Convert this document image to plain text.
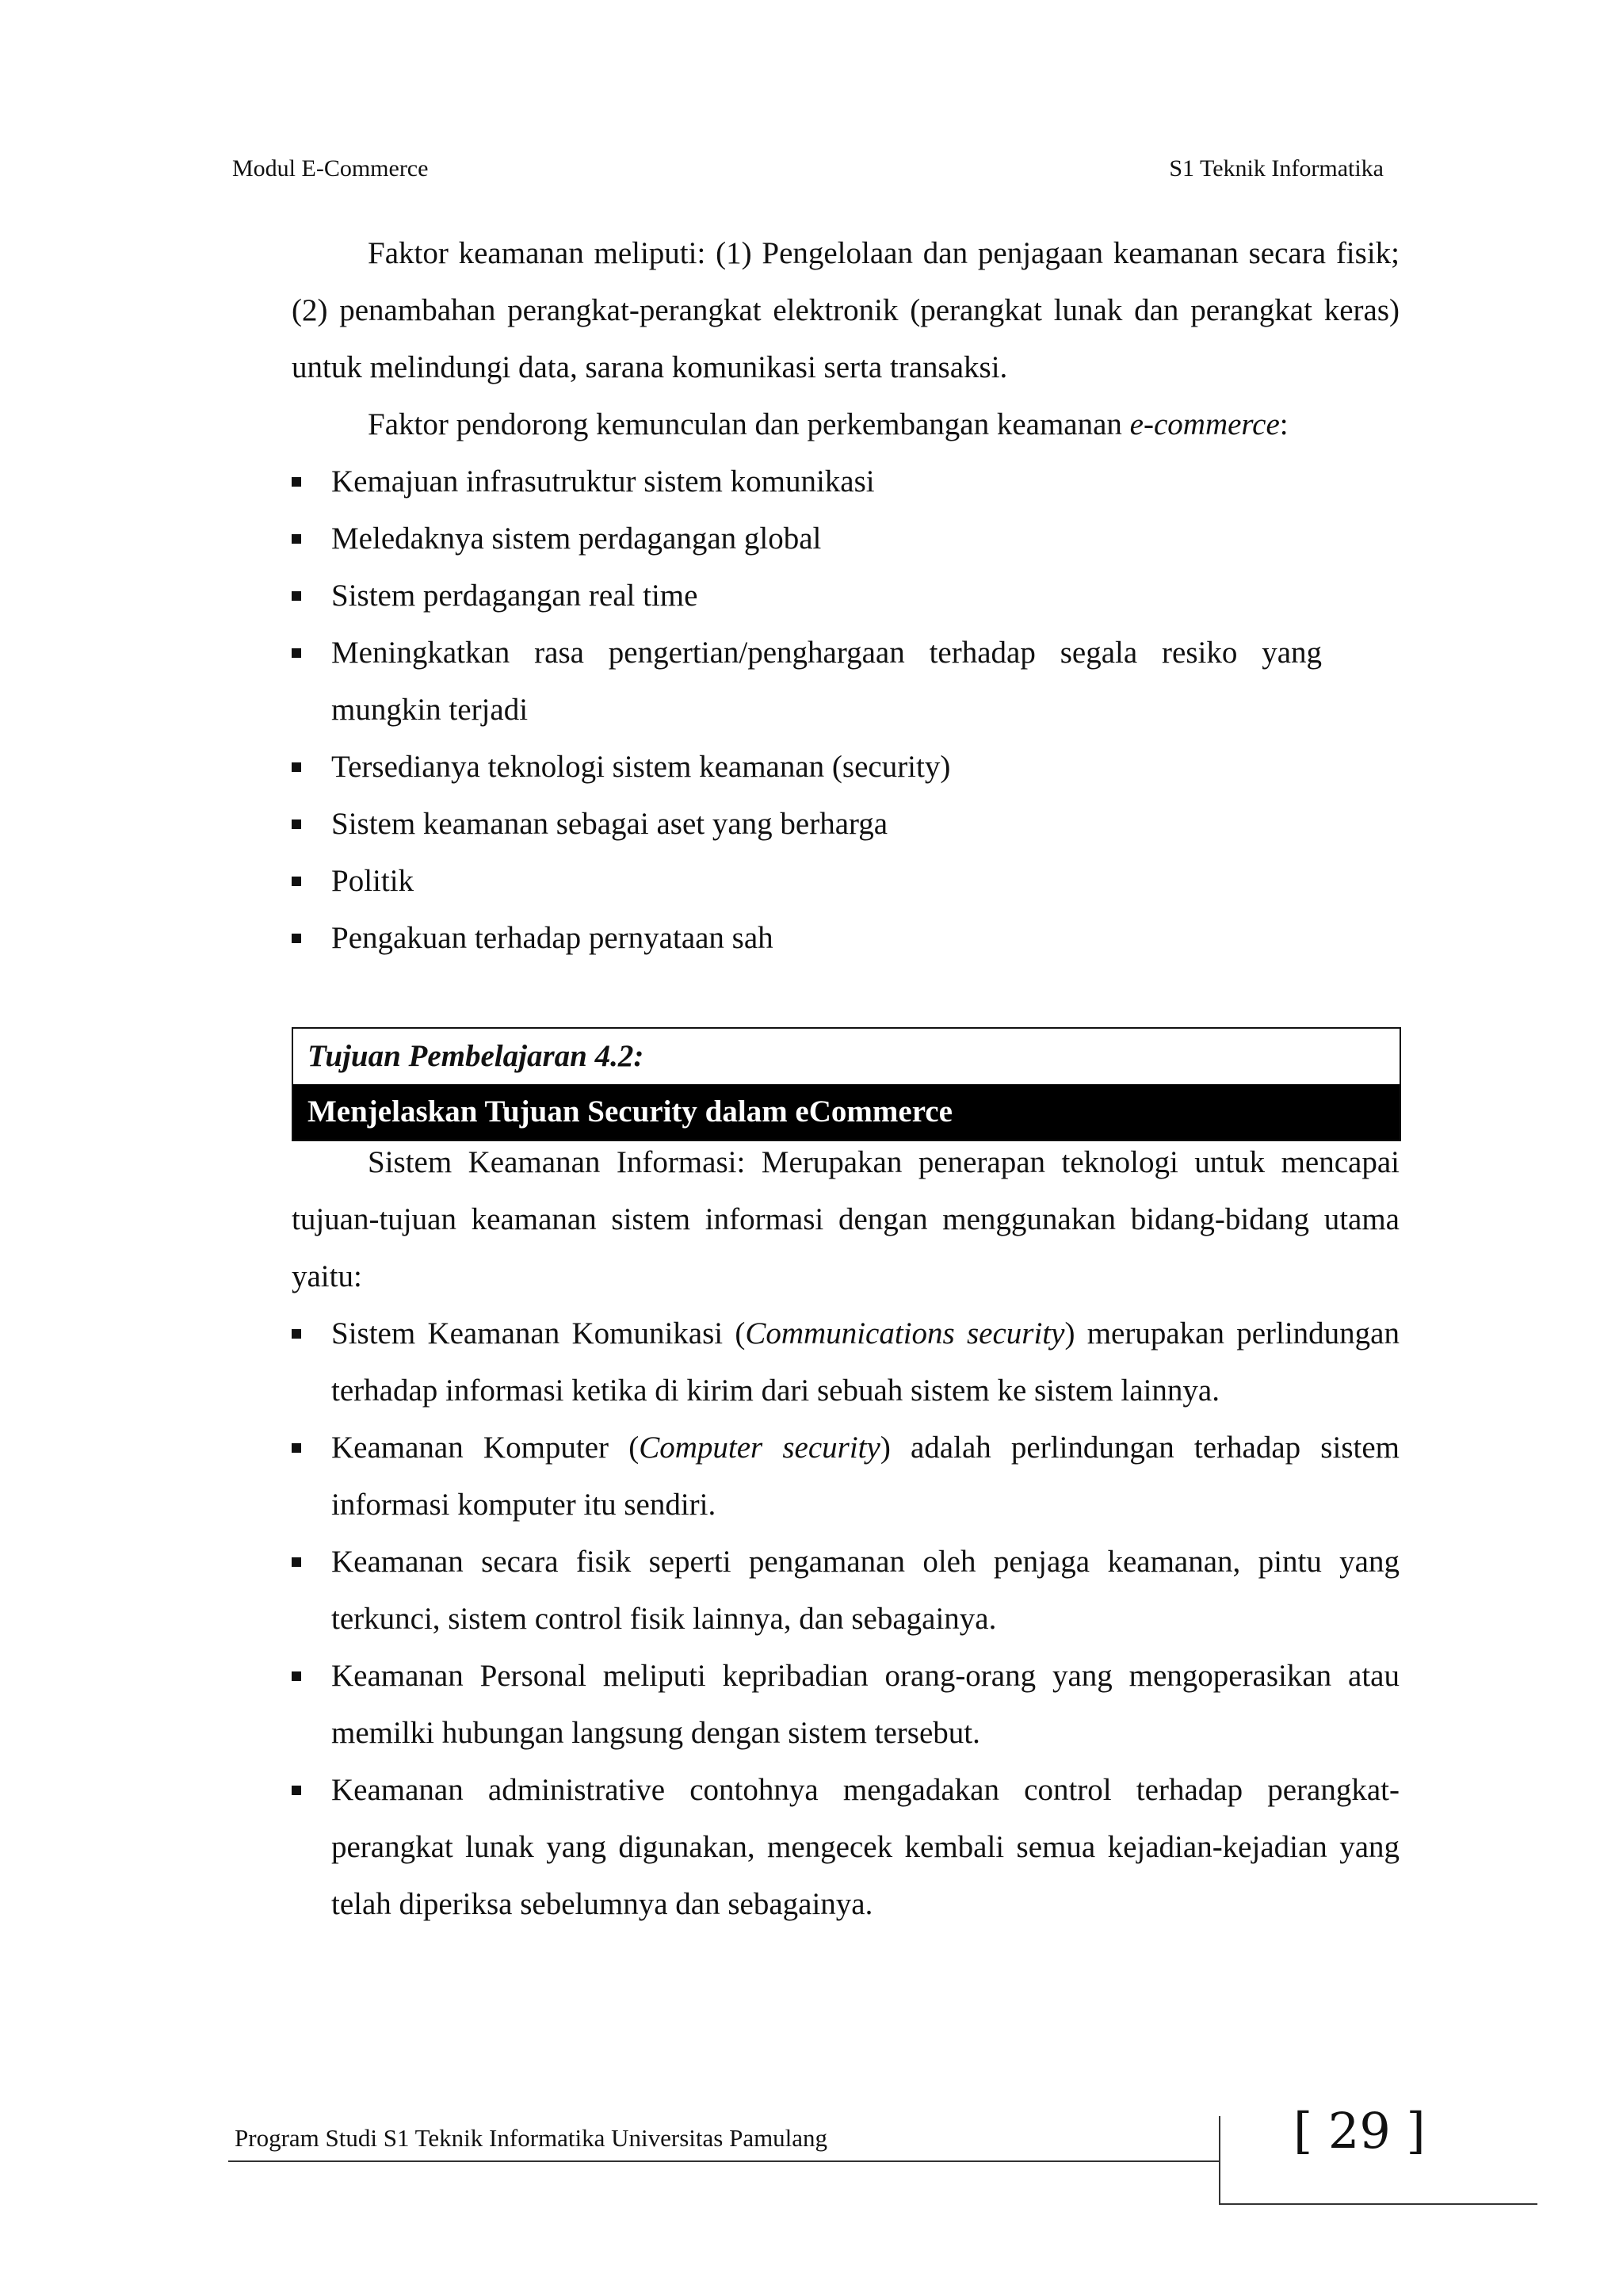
Modul E-Commerce	S1 Teknik Informatika

Faktor keamanan meliputi: (1) Pengelolaan dan penjagaan keamanan secara fisik; (2) penambahan perangkat-perangkat elektronik (perangkat lunak dan perangkat keras) untuk melindungi data, sarana komunikasi serta transaksi.

Faktor pendorong kemunculan dan perkembangan keamanan e-commerce:

Kemajuan infrasutruktur sistem komunikasi
Meledaknya sistem perdagangan global
Sistem perdagangan real time
Meningkatkan rasa pengertian/penghargaan terhadap segala resiko yang mungkin terjadi
Tersedianya teknologi sistem keamanan (security)
Sistem keamanan sebagai aset yang berharga
Politik
Pengakuan terhadap pernyataan sah
Tujuan Pembelajaran 4.2:
Menjelaskan Tujuan Security dalam eCommerce

Sistem Keamanan Informasi: Merupakan penerapan teknologi untuk mencapai tujuan-tujuan keamanan sistem informasi dengan menggunakan bidang-bidang utama yaitu:

Sistem Keamanan Komunikasi (Communications security) merupakan perlindungan terhadap informasi ketika di kirim dari sebuah sistem ke sistem lainnya.
Keamanan Komputer (Computer security) adalah perlindungan terhadap sistem informasi komputer itu sendiri.
Keamanan secara fisik seperti pengamanan oleh penjaga keamanan, pintu yang terkunci, sistem control fisik lainnya, dan sebagainya.
Keamanan Personal meliputi kepribadian orang-orang yang mengoperasikan atau memilki hubungan langsung dengan sistem tersebut.
Keamanan administrative contohnya mengadakan control terhadap perangkat-perangkat lunak yang digunakan, mengecek kembali semua kejadian-kejadian yang telah diperiksa sebelumnya dan sebagainya.
Program Studi S1 Teknik Informatika Universitas Pamulang	[ 29 ]
